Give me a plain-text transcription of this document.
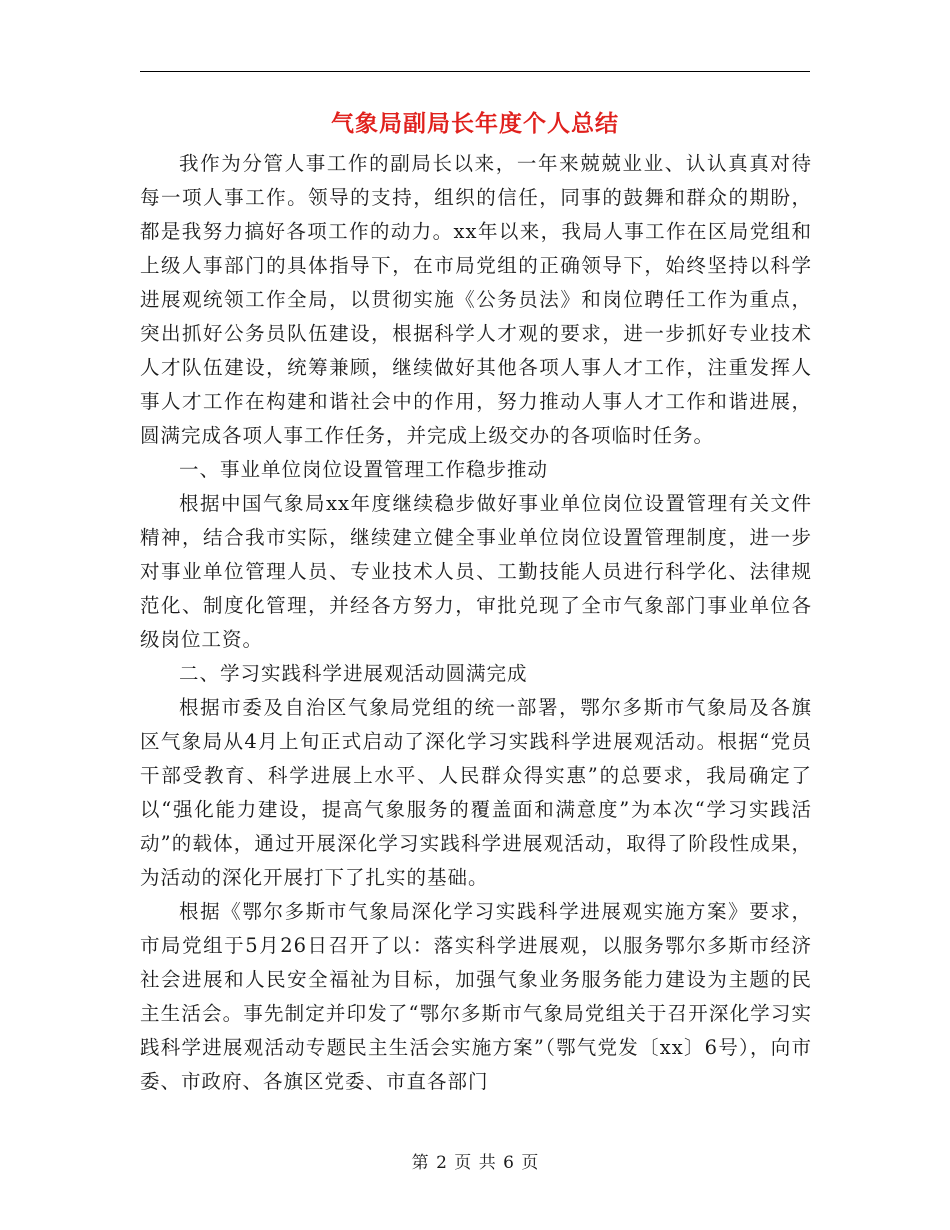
气象局副局长年度个人总结

我作为分管人事工作的副局长以来，一年来兢兢业业、认认真真对待每一项人事工作。领导的支持，组织的信任，同事的鼓舞和群众的期盼，都是我努力搞好各项工作的动力。xx年以来，我局人事工作在区局党组和上级人事部门的具体指导下，在市局党组的正确领导下，始终坚持以科学进展观统领工作全局，以贯彻实施《公务员法》和岗位聘任工作为重点，突出抓好公务员队伍建设，根据科学人才观的要求，进一步抓好专业技术人才队伍建设，统筹兼顾，继续做好其他各项人事人才工作，注重发挥人事人才工作在构建和谐社会中的作用，努力推动人事人才工作和谐进展，圆满完成各项人事工作任务，并完成上级交办的各项临时任务。

一、事业单位岗位设置管理工作稳步推动

根据中国气象局xx年度继续稳步做好事业单位岗位设置管理有关文件精神，结合我市实际，继续建立健全事业单位岗位设置管理制度，进一步对事业单位管理人员、专业技术人员、工勤技能人员进行科学化、法律规范化、制度化管理，并经各方努力，审批兑现了全市气象部门事业单位各级岗位工资。

二、学习实践科学进展观活动圆满完成

根据市委及自治区气象局党组的统一部署，鄂尔多斯市气象局及各旗区气象局从4月上旬正式启动了深化学习实践科学进展观活动。根据“党员干部受教育、科学进展上水平、人民群众得实惠”的总要求，我局确定了以“强化能力建设，提高气象服务的覆盖面和满意度”为本次“学习实践活动”的载体，通过开展深化学习实践科学进展观活动，取得了阶段性成果，为活动的深化开展打下了扎实的基础。

根据《鄂尔多斯市气象局深化学习实践科学进展观实施方案》要求，市局党组于5月26日召开了以：落实科学进展观，以服务鄂尔多斯市经济社会进展和人民安全福祉为目标，加强气象业务服务能力建设为主题的民主生活会。事先制定并印发了“鄂尔多斯市气象局党组关于召开深化学习实践科学进展观活动专题民主生活会实施方案”（鄂气党发〔xx〕6号），向市委、市政府、各旗区党委、市直各部门

第 2 页 共 6 页
